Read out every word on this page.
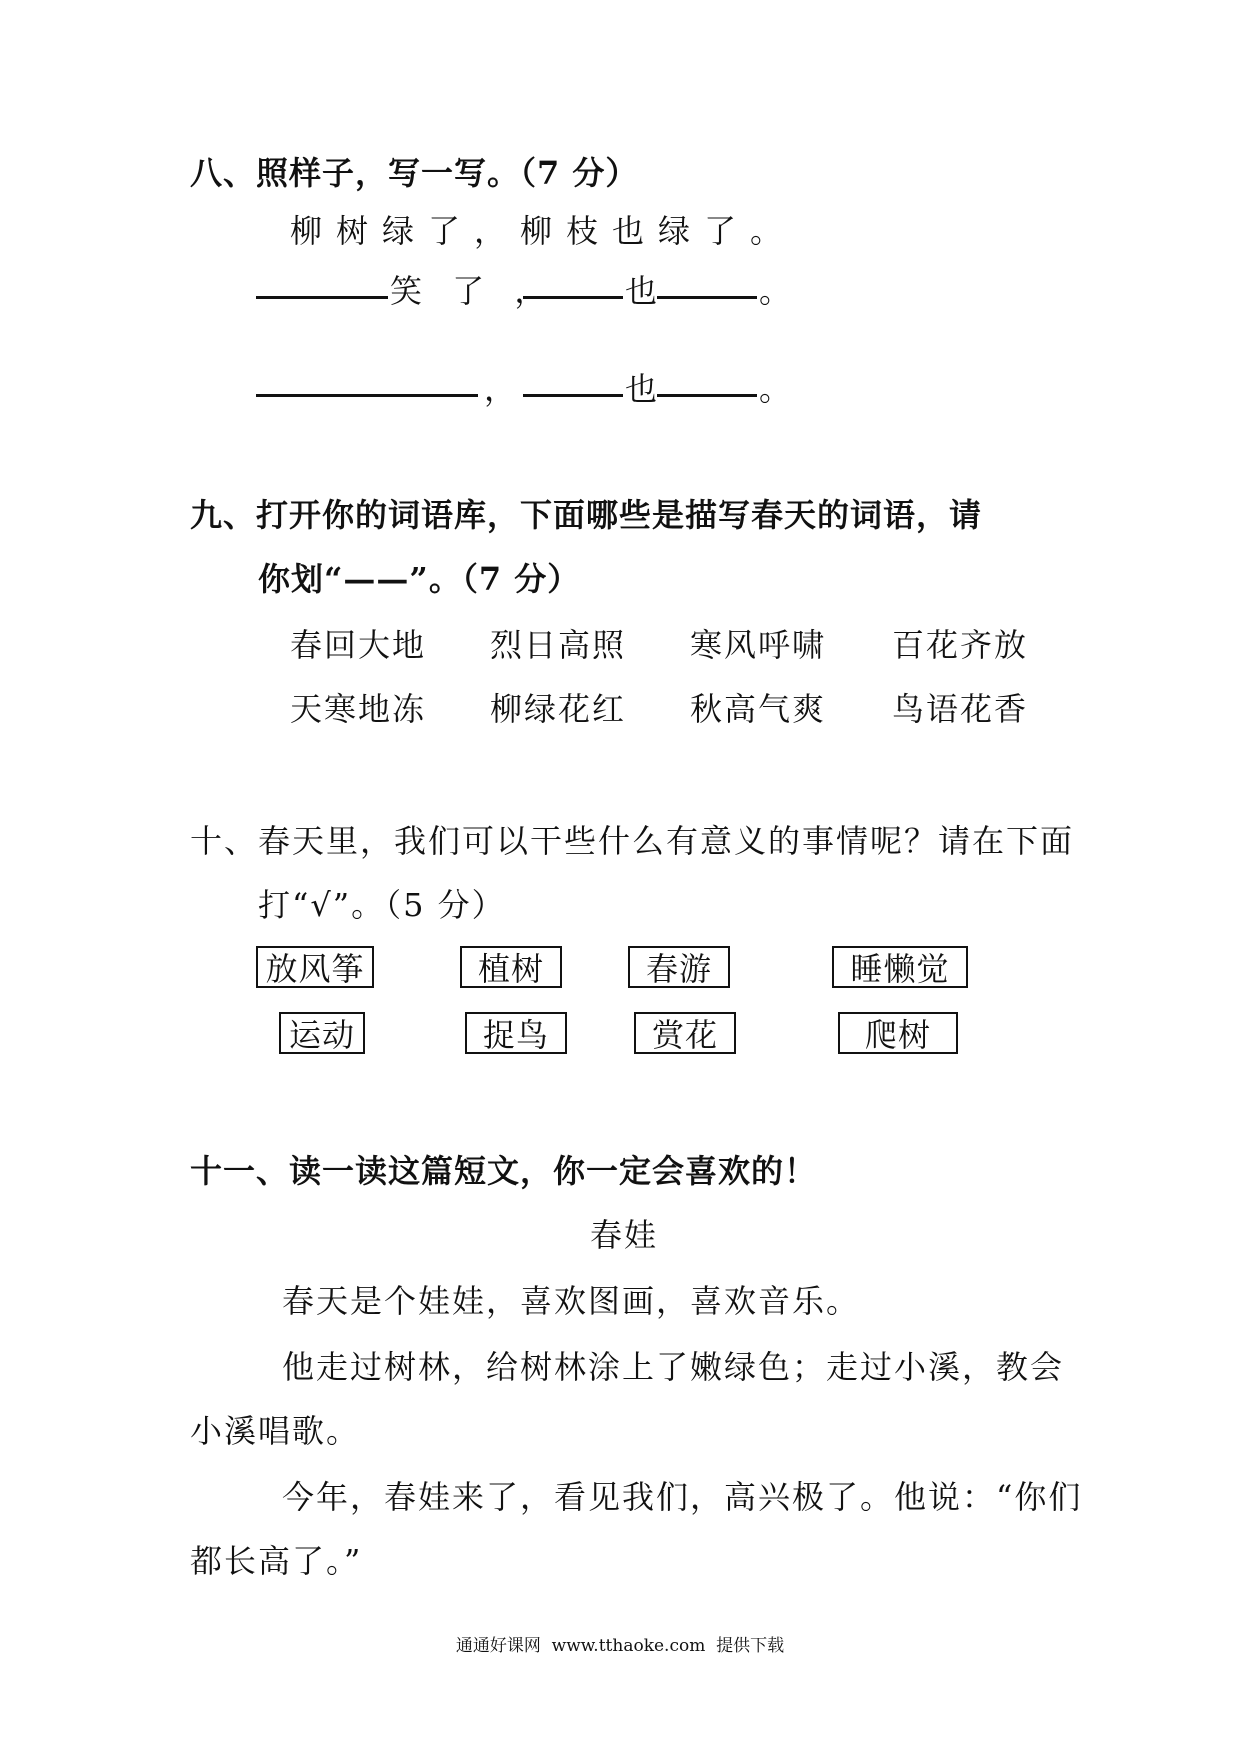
八、照样子，写一写。（7 分）
柳树绿了，柳枝也绿了。
笑 了 ， 也	。
，	也	。
九、打开你的词语库，下面哪些是描写春天的词语，请
你划“——”。（7 分）
春回大地 烈日高照 寒风呼啸 百花齐放
天寒地冻 柳绿花红 秋高气爽 鸟语花香
十、春天里，我们可以干些什么有意义的事情呢？请在下面
打“√”。（5 分）
放风筝	植树	春游	睡懒觉
运动	捉鸟	赏花	爬树
十一、读一读这篇短文，你一定会喜欢的！
春娃
春天是个娃娃，喜欢图画，喜欢音乐。
他走过树林，给树林涂上了嫩绿色；走过小溪，教会
小溪唱歌。
今年，春娃来了，看见我们，高兴极了。他说：“你们
都长高了。”
通通好课网  www.tthaoke.com  提供下载
